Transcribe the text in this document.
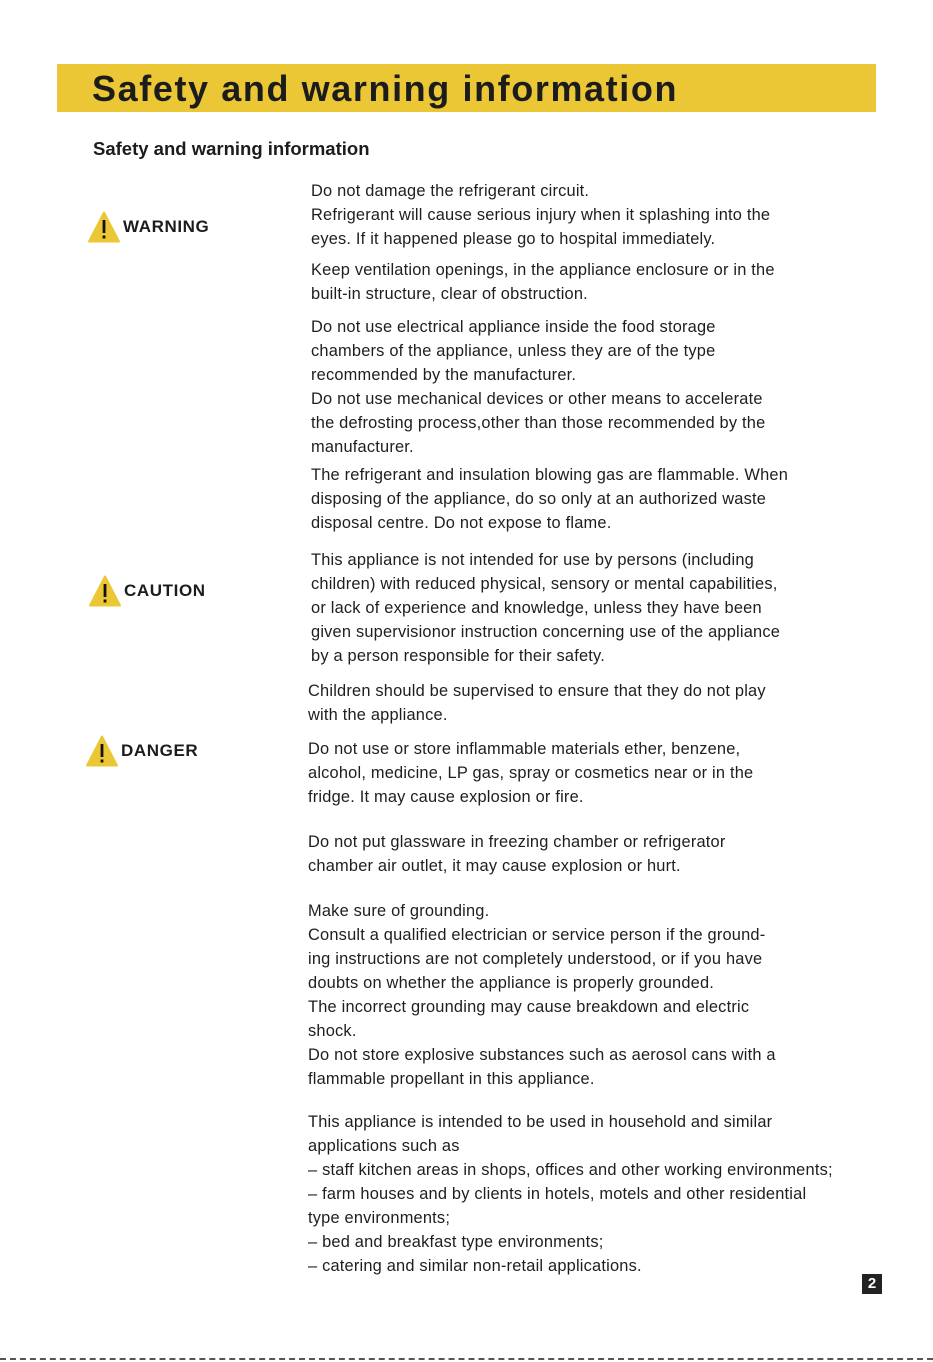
Safety and warning information
Safety and warning information
WARNING
CAUTION
DANGER
Do not damage the refrigerant circuit.
Refrigerant will cause serious injury when it splashing into the
eyes. If it happened please go to hospital immediately.
Keep ventilation openings, in the appliance enclosure or in the
built-in structure, clear of obstruction.
Do not use electrical appliance inside the food storage
chambers of the appliance, unless they are of the type
recommended by the manufacturer.
Do not use mechanical devices or other means to accelerate
the defrosting process,other than those recommended by the
manufacturer.
The refrigerant and insulation blowing gas are flammable. When
disposing of the appliance, do so only at an authorized waste
disposal centre. Do not expose to flame.
This appliance is not intended for use by persons (including
children) with reduced physical, sensory or mental capabilities,
or lack of experience and knowledge, unless they have been
given supervisionor instruction concerning use of the appliance
by a person responsible for their safety.
Children should be supervised to ensure that they do not play
with the appliance.
Do not use or store inflammable materials ether, benzene,
alcohol, medicine, LP gas, spray or cosmetics near or in the
fridge. It may cause explosion or fire.
Do not put glassware in freezing chamber or refrigerator
chamber air outlet, it may cause explosion or hurt.
Make sure of grounding.
Consult a qualified electrician or service person if the ground-
ing instructions are not completely understood, or if you have
doubts on whether the appliance is properly grounded.
The incorrect grounding may cause breakdown and electric
shock.
Do not store explosive substances such as aerosol cans with a
flammable propellant in this appliance.
This appliance is intended to be used in household and similar
applications such as
– staff kitchen areas in shops, offices and other working environments;
– farm houses and by clients in hotels, motels and other residential
type environments;
– bed and breakfast type environments;
– catering and similar non-retail applications.
2
